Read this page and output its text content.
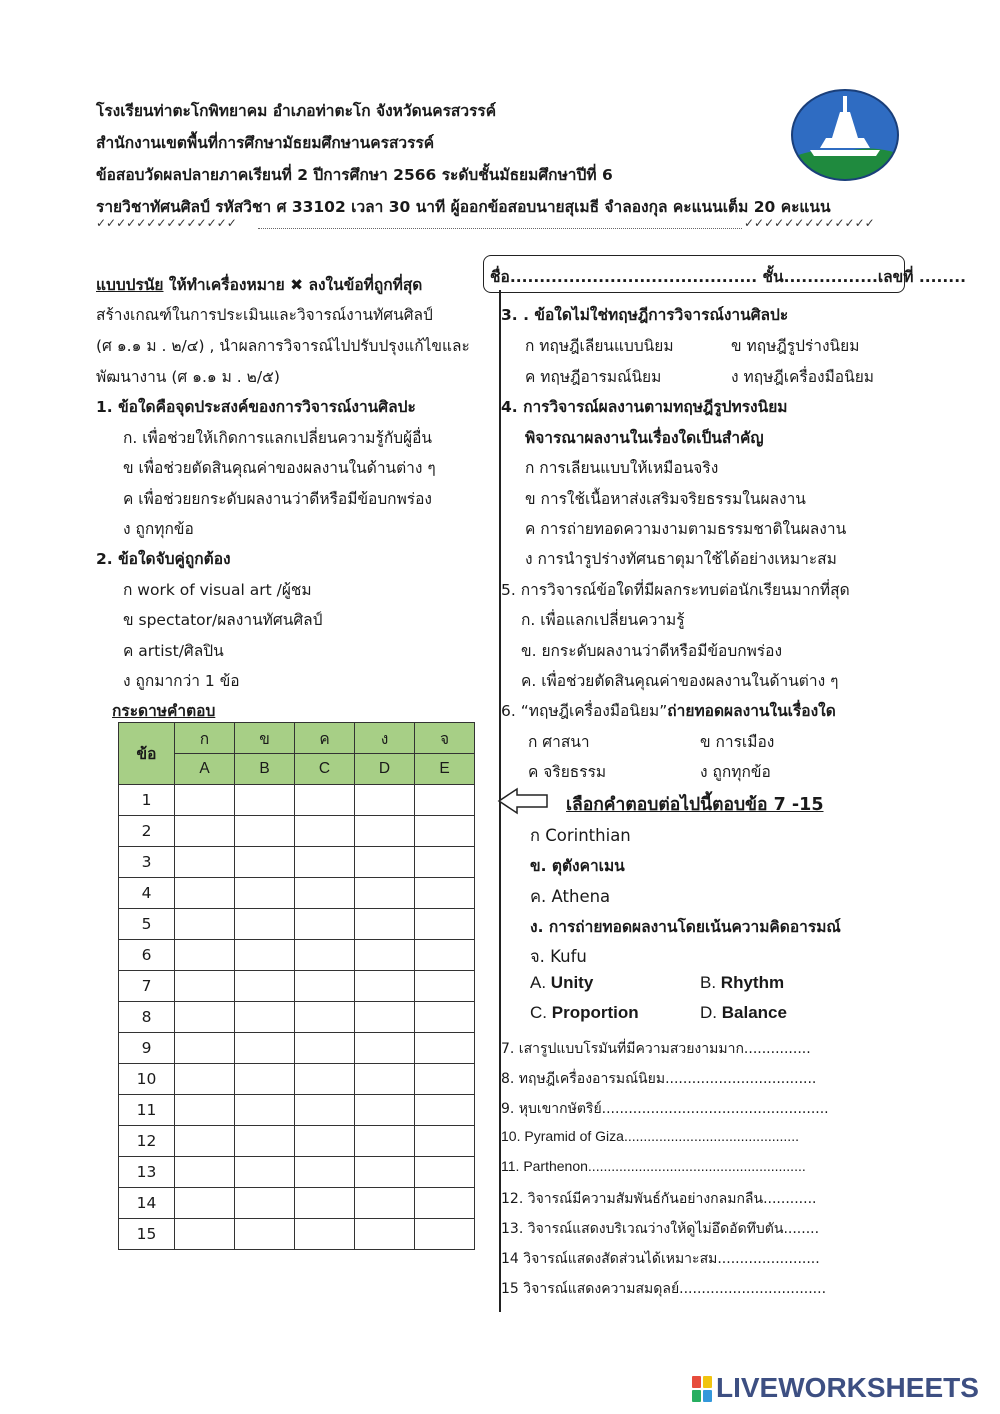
โรงเรียนท่าตะโกพิทยาคม อำเภอท่าตะโก จังหวัดนครสวรรค์
สำนักงานเขตพื้นที่การศึกษามัธยมศึกษานครสวรรค์
ข้อสอบวัดผลปลายภาคเรียนที่ 2 ปีการศึกษา 2566 ระดับชั้นมัธยมศึกษาปีที่ 6
รายวิชาทัศนศิลป์ รหัสวิชา ศ 33102 เวลา 30 นาที ผู้ออกข้อสอบนายสุเมธี จำลองกุล คะแนนเต็ม 20 คะแนน
✓✓✓✓✓✓✓✓✓✓✓✓✓✓	✓✓✓✓✓✓✓✓✓✓✓✓✓
ชื่อ.......................................... ชั้น................เลขที่ ........
แบบปรนัย ให้ทำเครื่องหมาย ✖ ลงในข้อที่ถูกที่สุด
สร้างเกณฑ์ในการประเมินและวิจารณ์งานทัศนศิลป์
(ศ ๑.๑ ม . ๒/๔) , นำผลการวิจารณ์ไปปรับปรุงแก้ไขและ
พัฒนางาน (ศ ๑.๑ ม . ๒/๕)
1. ข้อใดคือจุดประสงค์ของการวิจารณ์งานศิลปะ
ก. เพื่อช่วยให้เกิดการแลกเปลี่ยนความรู้กับผู้อื่น
ข เพื่อช่วยตัดสินคุณค่าของผลงานในด้านต่าง ๆ
ค เพื่อช่วยยกระดับผลงานว่าดีหรือมีข้อบกพร่อง
ง ถูกทุกข้อ
2. ข้อใดจับคู่ถูกต้อง
ก work of visual art /ผู้ชม
ข spectator/ผลงานทัศนศิลป์
ค artist/ศิลปิน
ง ถูกมากว่า 1 ข้อ
กระดาษคำตอบ
ข้อ	ก	ข	ค	ง	จ
	A	B	C	D	E
1					
2					
3					
4					
5					
6					
7					
8					
9					
10					
11					
12					
13					
14					
15					
3. . ข้อใดไม่ใช่ทฤษฎีการวิจารณ์งานศิลปะ
ก ทฤษฎีเลียนแบบนิยม	ข ทฤษฎีรูปร่างนิยม
ค ทฤษฎีอารมณ์นิยม	ง ทฤษฎีเครื่องมือนิยม
4. การวิจารณ์ผลงานตามทฤษฎีรูปทรงนิยม
พิจารณาผลงานในเรื่องใดเป็นสำคัญ
ก การเลียนแบบให้เหมือนจริง
ข การใช้เนื้อหาส่งเสริมจริยธรรมในผลงาน
ค การถ่ายทอดความงามตามธรรมชาติในผลงาน
ง การนำรูปร่างทัศนธาตุมาใช้ได้อย่างเหมาะสม
5. การวิจารณ์ข้อใดที่มีผลกระทบต่อนักเรียนมากที่สุด
ก. เพื่อแลกเปลี่ยนความรู้
ข. ยกระดับผลงานว่าดีหรือมีข้อบกพร่อง
ค. เพื่อช่วยตัดสินคุณค่าของผลงานในด้านต่าง ๆ
6. “ทฤษฎีเครื่องมือนิยม”ถ่ายทอดผลงานในเรื่องใด
ก ศาสนา	ข การเมือง
ค จริยธรรม	ง ถูกทุกข้อ
เลือกคำตอบต่อไปนี้ตอบข้อ 7 -15
ก Corinthian
ข. ตุตังคาเมน
ค. Athena
ง. การถ่ายทอดผลงานโดยเน้นความคิดอารมณ์
จ. Kufu
A. Unity	B. Rhythm
C. Proportion	D. Balance
7. เสารูปแบบโรมันที่มีความสวยงามมาก...............
8. ทฤษฎีเครื่องอารมณ์นิยม..................................
9. หุบเขากษัตริย์...................................................
10. Pyramid of Giza.............................................
11. Parthenon........................................................
12. วิจารณ์มีความสัมพันธ์กันอย่างกลมกลืน............
13. วิจารณ์แสดงบริเวณว่างให้ดูไม่อึดอัดทึบตัน........
14 วิจารณ์แสดงสัดส่วนได้เหมาะสม.......................
15 วิจารณ์แสดงความสมดุลย์.................................
LIVEWORKSHEETS
